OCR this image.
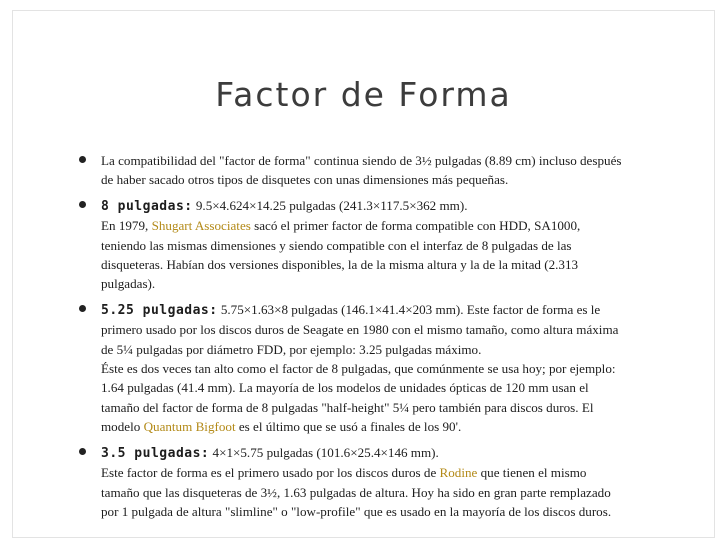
Factor de Forma
La compatibilidad del "factor de forma" continua siendo de 3½ pulgadas (8.89 cm) incluso después
de haber sacado otros tipos de disquetes con unas dimensiones más pequeñas.
8 pulgadas: 9.5×4.624×14.25 pulgadas (241.3×117.5×362 mm).
En 1979, Shugart Associates sacó el primer factor de forma compatible con HDD, SA1000,
teniendo las mismas dimensiones y siendo compatible con el interfaz de 8 pulgadas de las
disqueteras. Habían dos versiones disponibles, la de la misma altura y la de la mitad (2.313
pulgadas).
5.25 pulgadas: 5.75×1.63×8 pulgadas (146.1×41.4×203 mm). Este factor de forma es le
primero usado por los discos duros de Seagate en 1980 con el mismo tamaño, como altura máxima
de 5¼ pulgadas por diámetro FDD, por ejemplo: 3.25 pulgadas máximo.
Éste es dos veces tan alto como el factor de 8 pulgadas, que comúnmente se usa hoy; por ejemplo:
1.64 pulgadas (41.4 mm). La mayoría de los modelos de unidades ópticas de 120 mm usan el
tamaño del factor de forma de 8 pulgadas "half-height" 5¼ pero también para discos duros. El
modelo Quantum Bigfoot es el último que se usó a finales de los 90'.
3.5 pulgadas: 4×1×5.75 pulgadas (101.6×25.4×146 mm).
Este factor de forma es el primero usado por los discos duros de Rodine que tienen el mismo
tamaño que las disqueteras de 3½, 1.63 pulgadas de altura. Hoy ha sido en gran parte remplazado
por 1 pulgada de altura "slimline" o "low-profile" que es usado en la mayoría de los discos duros.
